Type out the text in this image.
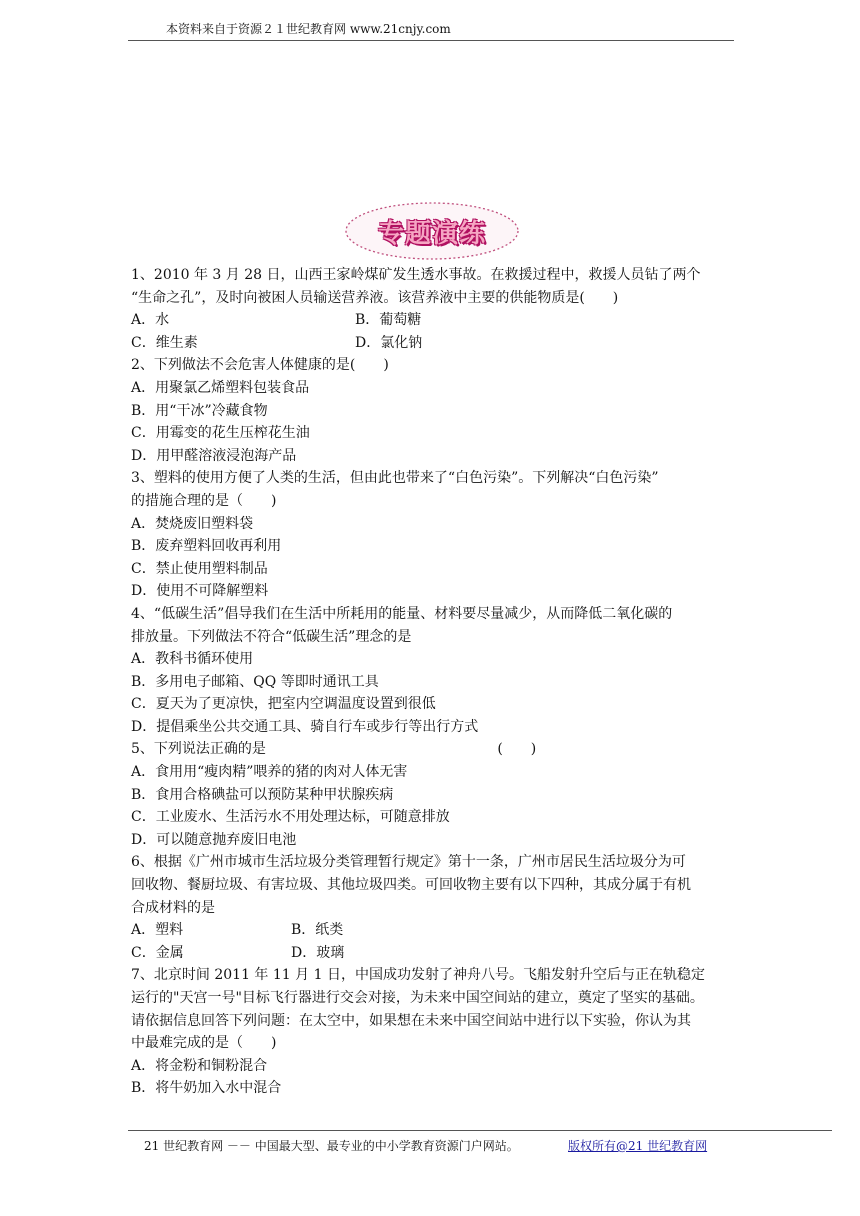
本资料来自于资源２１世纪教育网 www.21cnjy.com
专题演练
1、2010 年 3 月 28 日，山西王家岭煤矿发生透水事故。在救援过程中，救援人员钻了两个
“生命之孔”，及时向被困人员输送营养液。该营养液中主要的供能物质是(　　)
A．水	B．葡萄糖
C．维生素	D．氯化钠
2、下列做法不会危害人体健康的是(　　)
A．用聚氯乙烯塑料包装食品
B．用“干冰”冷藏食物
C．用霉变的花生压榨花生油
D．用甲醛溶液浸泡海产品
3、塑料的使用方便了人类的生活，但由此也带来了“白色污染”。下列解决“白色污染”
的措施合理的是（　　)
A．焚烧废旧塑料袋
B．废弃塑料回收再利用
C．禁止使用塑料制品
D．使用不可降解塑料
4、“低碳生活”倡导我们在生活中所耗用的能量、材料要尽量减少，从而降低二氧化碳的
排放量。下列做法不符合“低碳生活”理念的是
A．教科书循环使用
B．多用电子邮箱、QQ 等即时通讯工具
C．夏天为了更凉快，把室内空调温度设置到很低
D．提倡乘坐公共交通工具、骑自行车或步行等出行方式
5、下列说法正确的是                                                    (　　)
A．食用用“瘦肉精”喂养的猪的肉对人体无害
B．食用合格碘盐可以预防某种甲状腺疾病
C．工业废水、生活污水不用处理达标，可随意排放
D．可以随意抛弃废旧电池
6、根据《广州市城市生活垃圾分类管理暂行规定》第十一条，广州市居民生活垃圾分为可
回收物、餐厨垃圾、有害垃圾、其他垃圾四类。可回收物主要有以下四种，其成分属于有机
合成材料的是
A．塑料	B．纸类
C．金属	D．玻璃
7、北京时间 2011 年 11 月 1 日，中国成功发射了神舟八号。飞船发射升空后与正在轨稳定
运行的"天宫一号"目标飞行器进行交会对接，为未来中国空间站的建立，奠定了坚实的基础。
请依据信息回答下列问题：在太空中，如果想在未来中国空间站中进行以下实验，你认为其
中最难完成的是（　　)
A．将金粉和铜粉混合
B．将牛奶加入水中混合
21 世纪教育网 －－ 中国最大型、最专业的中小学教育资源门户网站。	版权所有@21 世纪教育网
